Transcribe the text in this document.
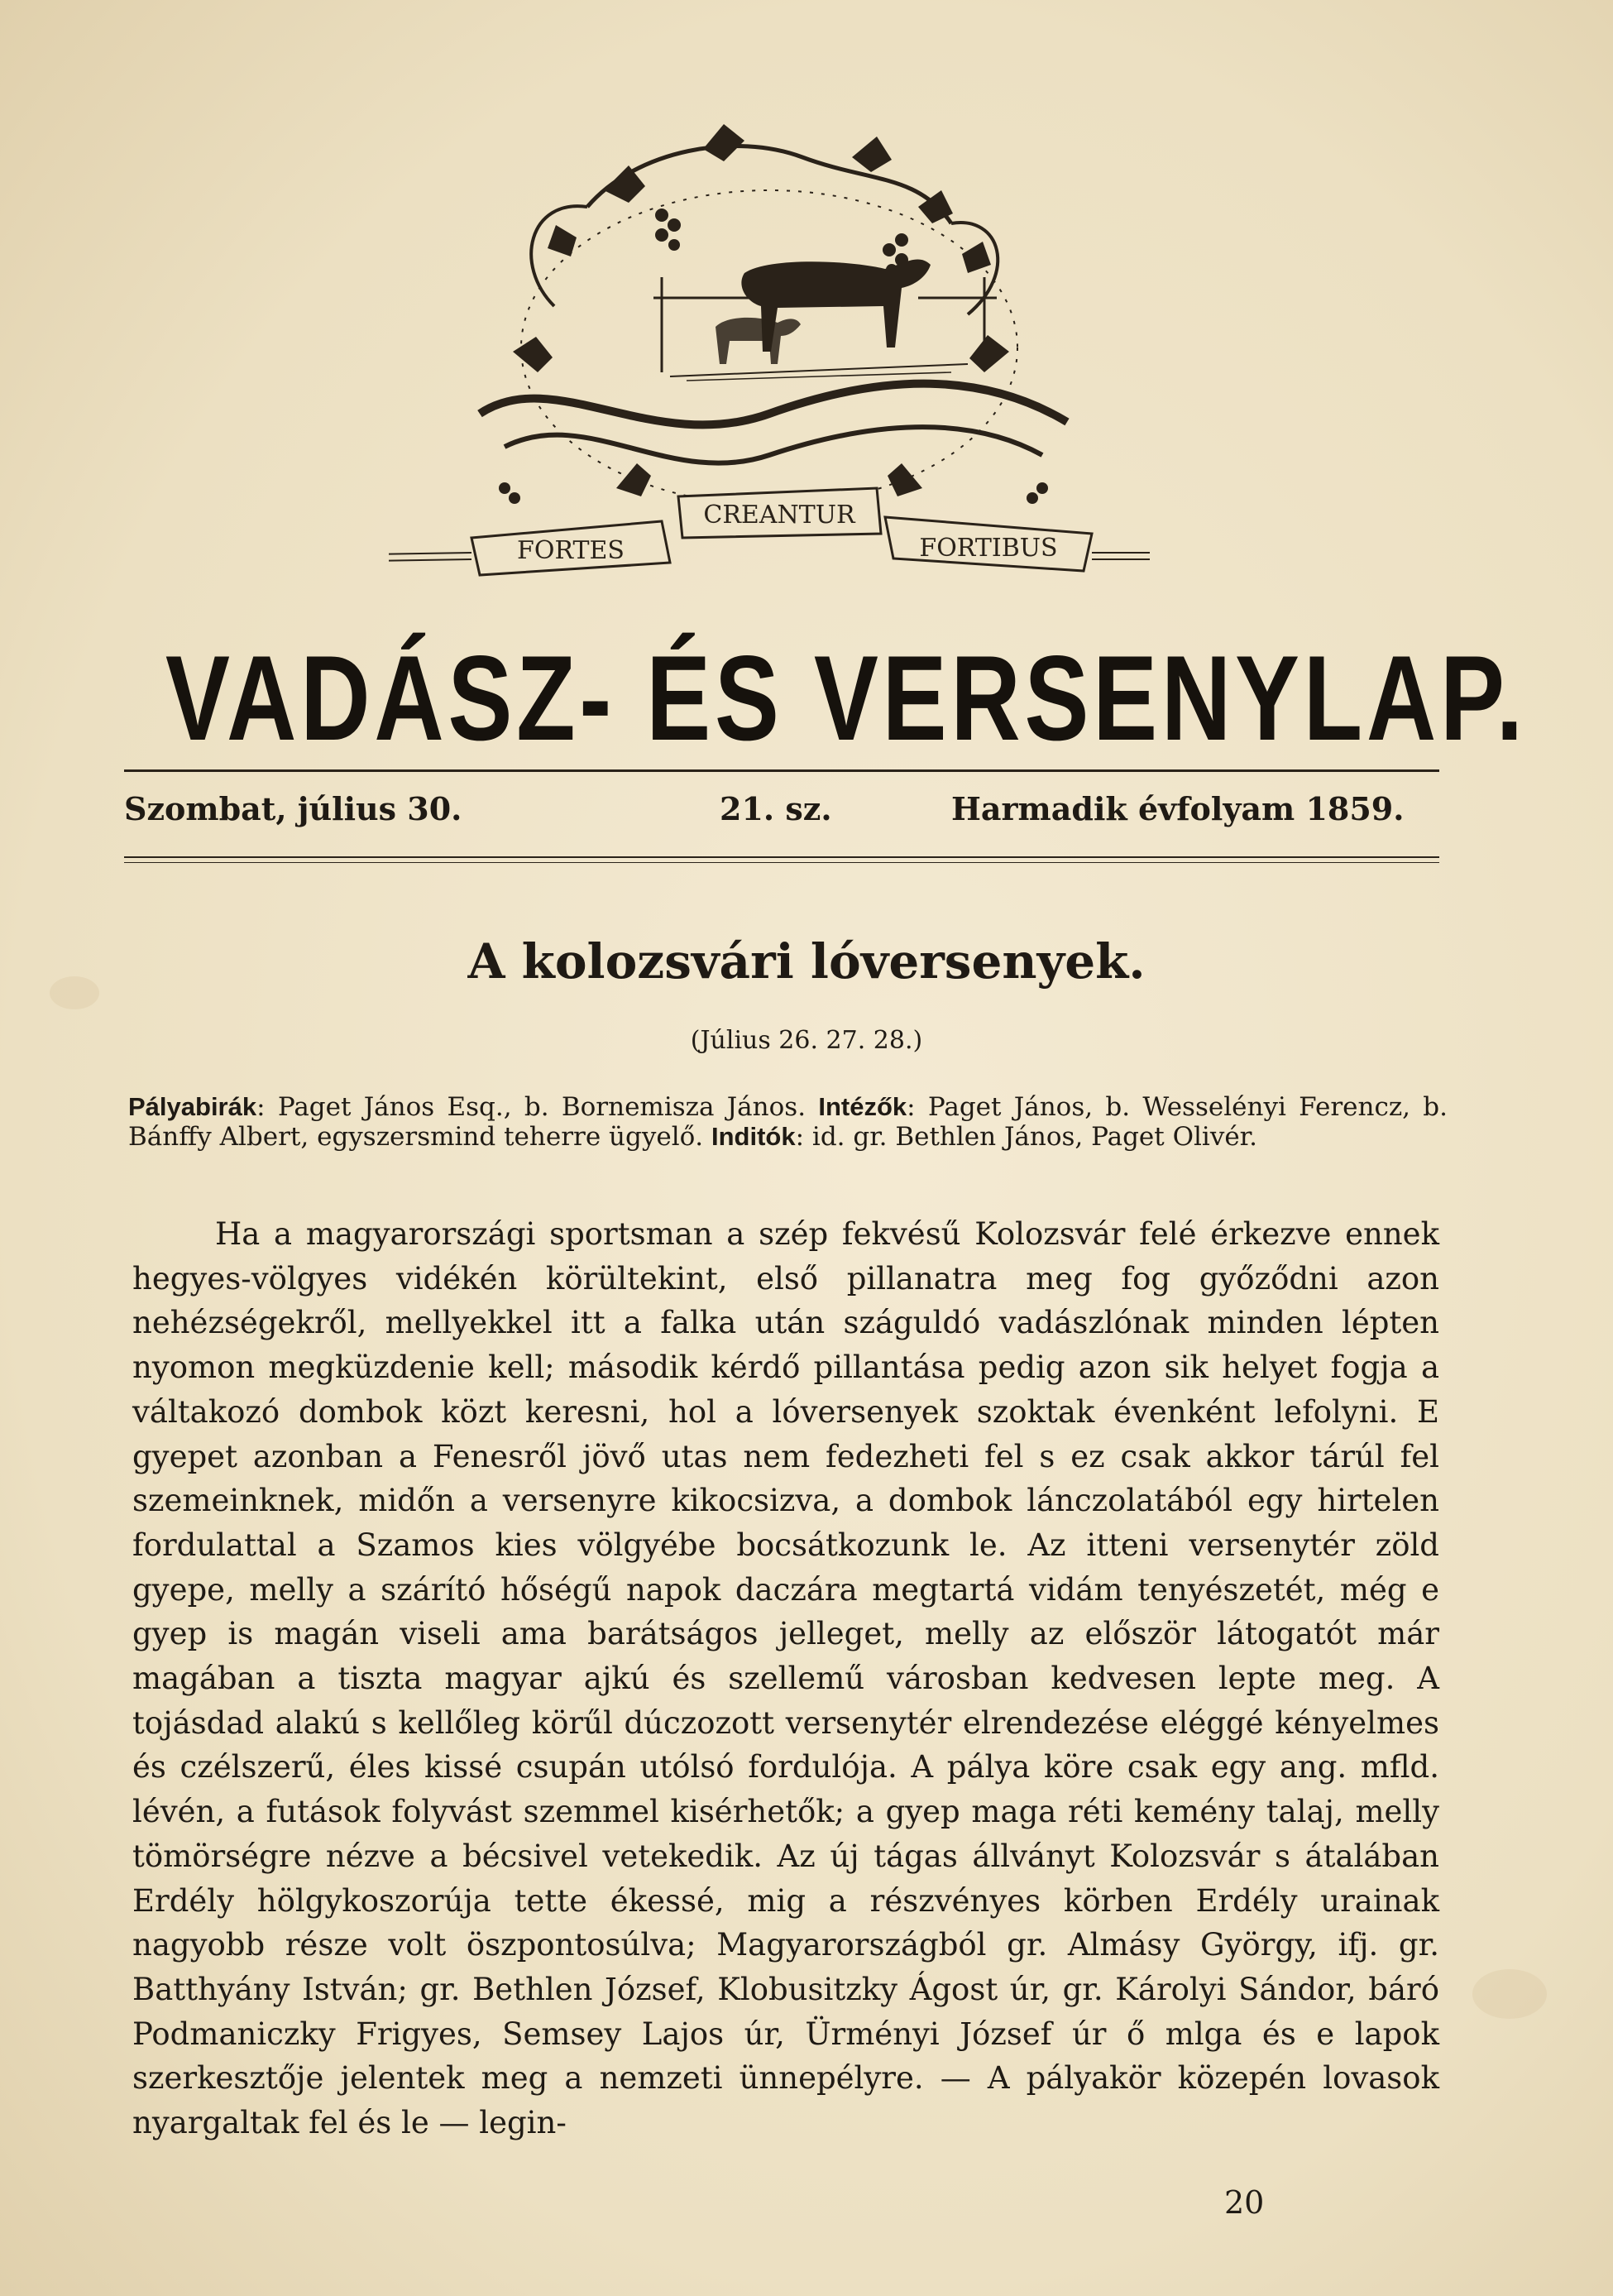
FORTES
CREANTUR
FORTIBUS
VADÁSZ- ÉS VERSENYLAP.
Szombat, július 30.	21. sz.	Harmadik évfolyam 1859.
A kolozsvári lóversenyek.
(Július 26. 27. 28.)
Pályabirák: Paget János Esq., b. Bornemisza János. Intézők: Paget János, b. Wesselényi Ferencz, b. Bánffy Albert, egyszersmind teherre ügyelő. Inditók: id. gr. Bethlen János, Paget Olivér.

Ha a magyarországi sportsman a szép fekvésű Kolozsvár felé érkezve ennek hegyes-völgyes vidékén körültekint, első pillanatra meg fog győződni azon nehézségekről, mellyekkel itt a falka után száguldó vadászlónak minden lépten nyomon megküzdenie kell; második kérdő pillantása pedig azon sik helyet fogja a váltakozó dombok közt keresni, hol a lóversenyek szoktak évenként lefolyni. E gyepet azonban a Fenesről jövő utas nem fedezheti fel s ez csak akkor tárúl fel szemeinknek, midőn a versenyre kikocsizva, a dombok lánczolatából egy hirtelen fordulattal a Szamos kies völgyébe bocsátkozunk le. Az itteni versenytér zöld gyepe, melly a szárító hőségű napok daczára megtartá vidám tenyészetét, még e gyep is magán viseli ama barátságos jelleget, melly az először látogatót már magában a tiszta magyar ajkú és szellemű városban kedvesen lepte meg. A tojásdad alakú s kellőleg körűl dúczozott versenytér elrendezése eléggé kényelmes és czélszerű, éles kissé csupán utólsó fordulója. A pálya köre csak egy ang. mfld. lévén, a futások folyvást szemmel kisérhetők; a gyep maga réti kemény talaj, melly tömörségre nézve a bécsivel vetekedik. Az új tágas állványt Kolozsvár s átalában Erdély hölgykoszorúja tette ékessé, mig a részvényes körben Erdély urainak nagyobb része volt öszpontosúlva; Magyarországból gr. Almásy György, ifj. gr. Batthyány István; gr. Bethlen József, Klobusitzky Ágost úr, gr. Károlyi Sándor, báró Podmaniczky Frigyes, Semsey Lajos úr, Ürményi József úr ő mlga és e lapok szerkesztője jelentek meg a nemzeti ünnepélyre. — A pályakör közepén lovasok nyargaltak fel és le — legin-

20
